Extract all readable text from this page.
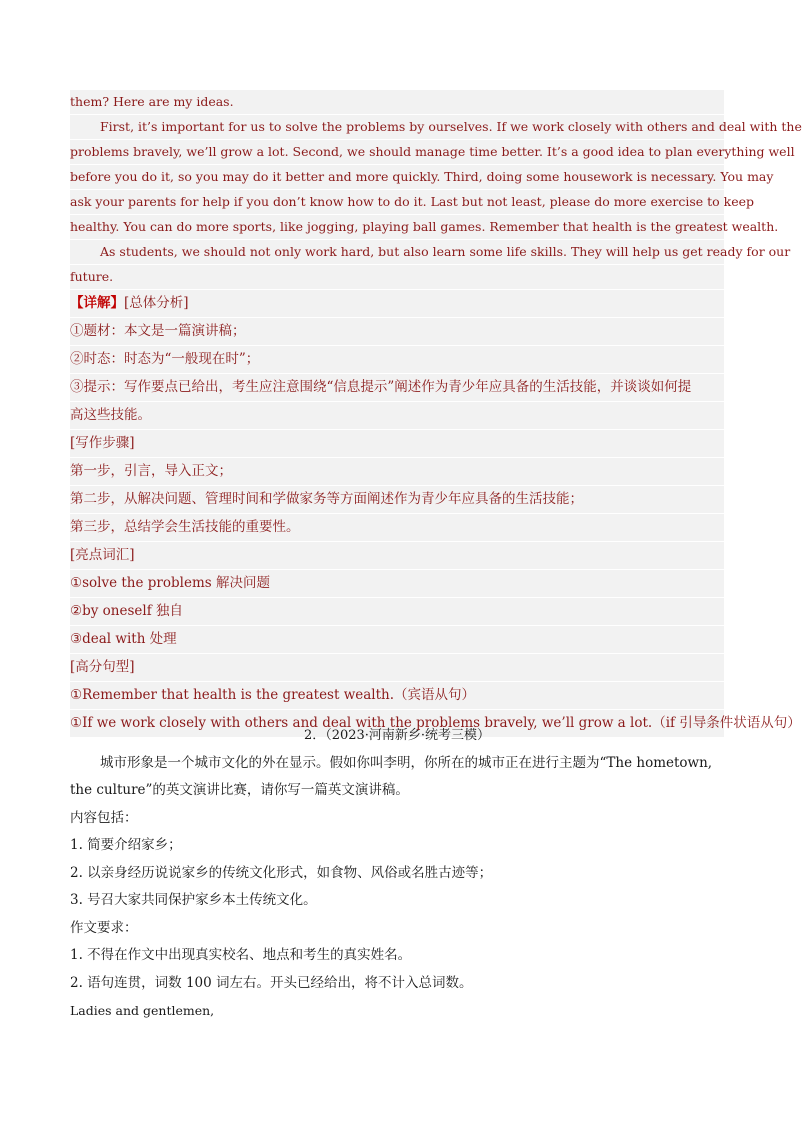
them? Here are my ideas.
First, it’s important for us to solve the problems by ourselves. If we work closely with others and deal with the
problems bravely, we’ll grow a lot. Second, we should manage time better. It’s a good idea to plan everything well
before you do it, so you may do it better and more quickly. Third, doing some housework is necessary. You may
ask your parents for help if you don’t know how to do it. Last but not least, please do more exercise to keep
healthy. You can do more sports, like jogging, playing ball games. Remember that health is the greatest wealth.
As students, we should not only work hard, but also learn some life skills. They will help us get ready for our
future.
【详解】[总体分析]
①题材：本文是一篇演讲稿；
②时态：时态为“一般现在时”；
③提示：写作要点已给出，考生应注意围绕“信息提示”阐述作为青少年应具备的生活技能，并谈谈如何提
高这些技能。
[写作步骤]
第一步，引言，导入正文；
第二步，从解决问题、管理时间和学做家务等方面阐述作为青少年应具备的生活技能；
第三步，总结学会生活技能的重要性。
[亮点词汇]
①solve the problems 解决问题
②by oneself 独自
③deal with 处理
[高分句型]
①Remember that health is the greatest wealth.（宾语从句）
①If we work closely with others and deal with the problems bravely, we’ll grow a lot.（if 引导条件状语从句）
2．（2023·河南新乡·统考三模）
城市形象是一个城市文化的外在显示。假如你叫李明，你所在的城市正在进行主题为“The hometown,
the culture”的英文演讲比赛，请你写一篇英文演讲稿。
内容包括：
1. 简要介绍家乡；
2. 以亲身经历说说家乡的传统文化形式，如食物、风俗或名胜古迹等；
3. 号召大家共同保护家乡本土传统文化。
作文要求：
1. 不得在作文中出现真实校名、地点和考生的真实姓名。
2. 语句连贯，词数 100 词左右。开头已经给出，将不计入总词数。
Ladies and gentlemen,
